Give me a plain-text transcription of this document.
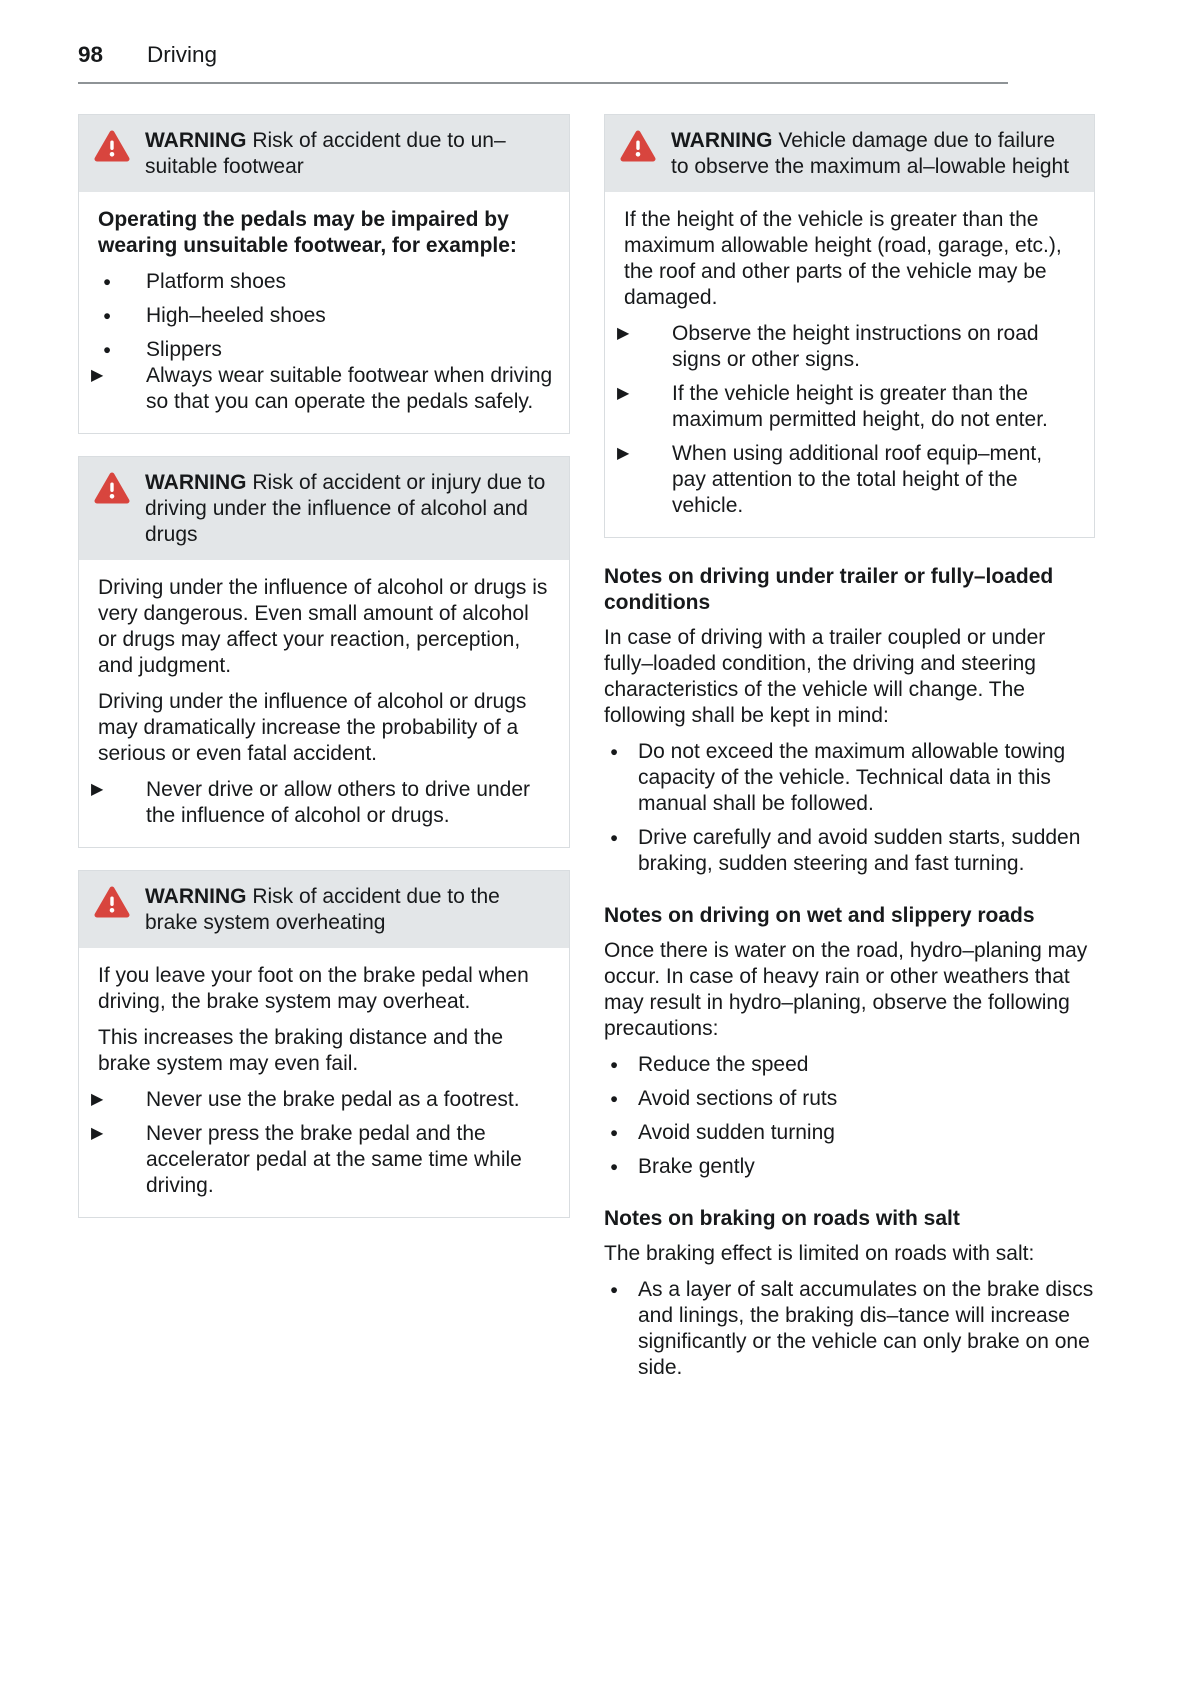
98 Driving

WARNING Risk of accident due to un–suitable footwear

Operating the pedals may be impaired by wearing unsuitable footwear, for example:

●	Platform shoes
●	High–heeled shoes
●	Slippers
▶	Always wear suitable footwear when driving so that you can operate the pedals safely.

WARNING Risk of accident or injury due to driving under the influence of alcohol and drugs

Driving under the influence of alcohol or drugs is very dangerous. Even small amount of alcohol or drugs may affect your reaction, perception, and judgment.

Driving under the influence of alcohol or drugs may dramatically increase the probability of a serious or even fatal accident.

▶	Never drive or allow others to drive under the influence of alcohol or drugs.

WARNING Risk of accident due to the brake system overheating

If you leave your foot on the brake pedal when driving, the brake system may overheat.

This increases the braking distance and the brake system may even fail.

▶	Never use the brake pedal as a footrest.
▶	Never press the brake pedal and the accelerator pedal at the same time while driving.

WARNING Vehicle damage due to failure to observe the maximum al–lowable height

If the height of the vehicle is greater than the maximum allowable height (road, garage, etc.), the roof and other parts of the vehicle may be damaged.

▶	Observe the height instructions on road signs or other signs.
▶	If the vehicle height is greater than the maximum permitted height, do not enter.
▶	When using additional roof equip–ment, pay attention to the total height of the vehicle.
Notes on driving under trailer or fully–loaded conditions

In case of driving with a trailer coupled or under fully–loaded condition, the driving and steering characteristics of the vehicle will change. The following shall be kept in mind:

● Do not exceed the maximum allowable towing capacity of the vehicle. Technical data in this manual shall be followed.
● Drive carefully and avoid sudden starts, sudden braking, sudden steering and fast turning.
Notes on driving on wet and slippery roads

Once there is water on the road, hydro–planing may occur. In case of heavy rain or other weathers that may result in hydro–planing, observe the following precautions:

● Reduce the speed
● Avoid sections of ruts
● Avoid sudden turning
● Brake gently
Notes on braking on roads with salt

The braking effect is limited on roads with salt:

● As a layer of salt accumulates on the brake discs and linings, the braking dis–tance will increase significantly or the vehicle can only brake on one side.
